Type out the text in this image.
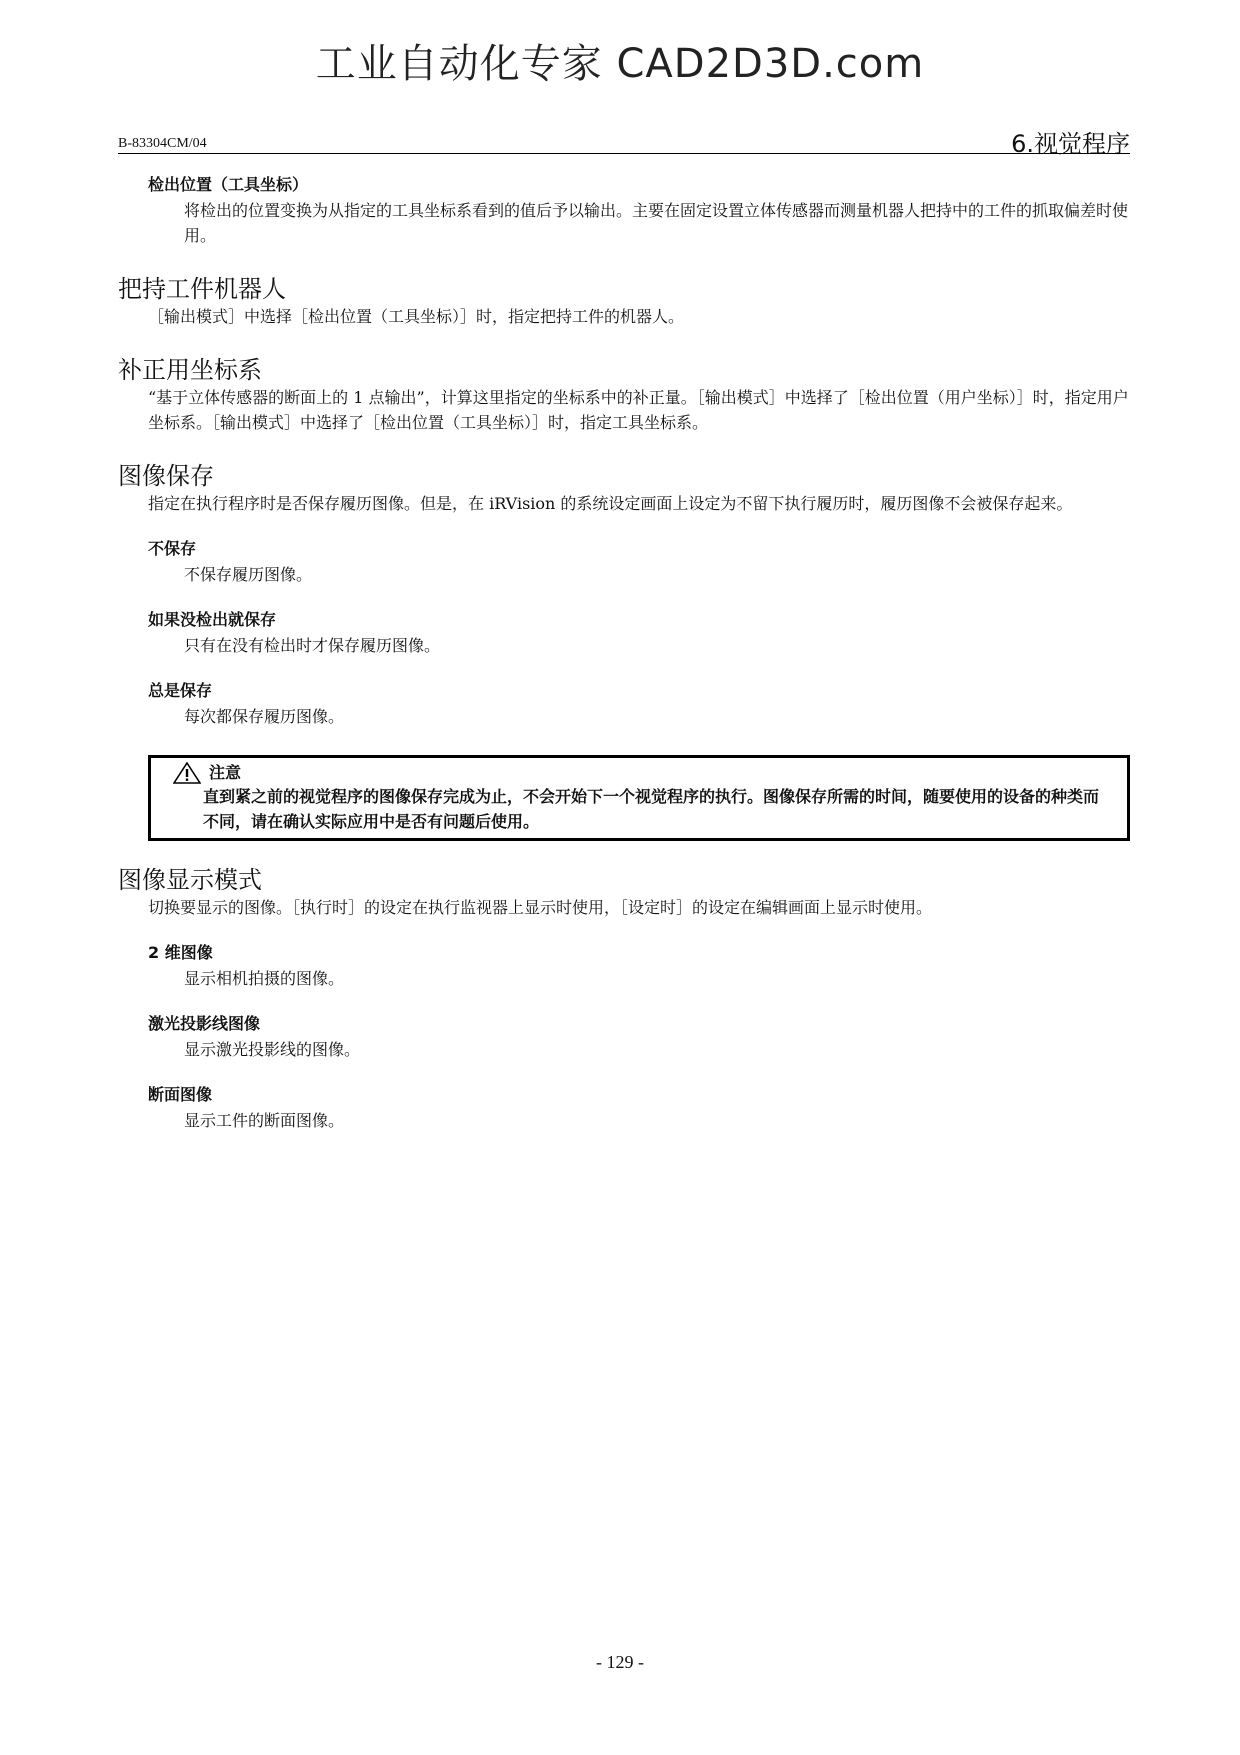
工业自动化专家 CAD2D3D.com
B-83304CM/04	6.视觉程序
检出位置（工具坐标）
将检出的位置变换为从指定的工具坐标系看到的值后予以输出。主要在固定设置立体传感器而测量机器人把持中的工件的抓取偏差时使用。
把持工件机器人
［输出模式］中选择［检出位置（工具坐标）］时，指定把持工件的机器人。
补正用坐标系
“基于立体传感器的断面上的 1 点输出”，计算这里指定的坐标系中的补正量。［输出模式］中选择了［检出位置（用户坐标）］时，指定用户坐标系。［输出模式］中选择了［检出位置（工具坐标）］时，指定工具坐标系。
图像保存
指定在执行程序时是否保存履历图像。但是，在 iRVision 的系统设定画面上设定为不留下执行履历时，履历图像不会被保存起来。
不保存
不保存履历图像。
如果没检出就保存
只有在没有检出时才保存履历图像。
总是保存
每次都保存履历图像。
注意
直到紧之前的视觉程序的图像保存完成为止，不会开始下一个视觉程序的执行。图像保存所需的时间，随要使用的设备的种类而不同，请在确认实际应用中是否有问题后使用。
图像显示模式
切换要显示的图像。［执行时］的设定在执行监视器上显示时使用，［设定时］的设定在编辑画面上显示时使用。
2 维图像
显示相机拍摄的图像。
激光投影线图像
显示激光投影线的图像。
断面图像
显示工件的断面图像。
- 129 -
